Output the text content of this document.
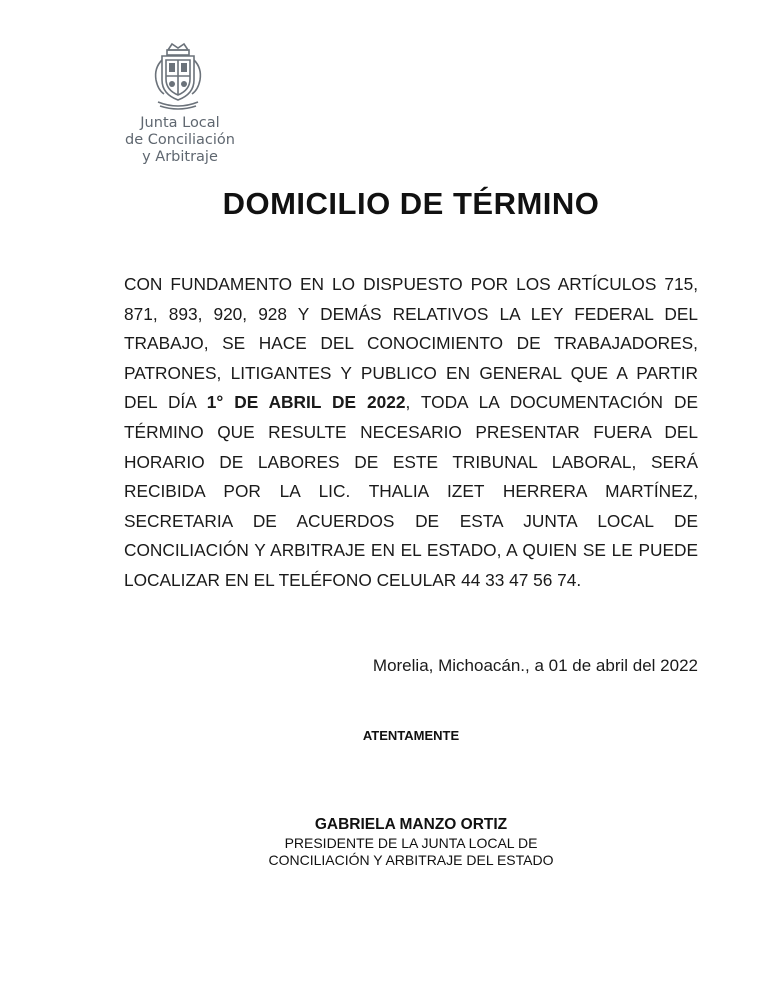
Junta Local
de Conciliación
y Arbitraje
DOMICILIO DE TÉRMINO
CON FUNDAMENTO EN LO DISPUESTO POR LOS ARTÍCULOS 715, 871, 893, 920, 928 Y DEMÁS RELATIVOS LA LEY FEDERAL DEL TRABAJO, SE HACE DEL CONOCIMIENTO DE TRABAJADORES, PATRONES, LITIGANTES Y PUBLICO EN GENERAL QUE A PARTIR DEL DÍA 1° DE ABRIL DE 2022, TODA LA DOCUMENTACIÓN DE TÉRMINO QUE RESULTE NECESARIO PRESENTAR FUERA DEL HORARIO DE LABORES DE ESTE TRIBUNAL LABORAL, SERÁ RECIBIDA POR LA LIC. THALIA IZET HERRERA MARTÍNEZ, SECRETARIA DE ACUERDOS DE ESTA JUNTA LOCAL DE CONCILIACIÓN Y ARBITRAJE EN EL ESTADO, A QUIEN SE LE PUEDE LOCALIZAR EN EL TELÉFONO CELULAR 44 33 47 56 74.
Morelia, Michoacán., a 01 de abril del 2022
ATENTAMENTE
GABRIELA MANZO ORTIZ
PRESIDENTE DE LA JUNTA LOCAL DE
CONCILIACIÓN Y ARBITRAJE DEL ESTADO
